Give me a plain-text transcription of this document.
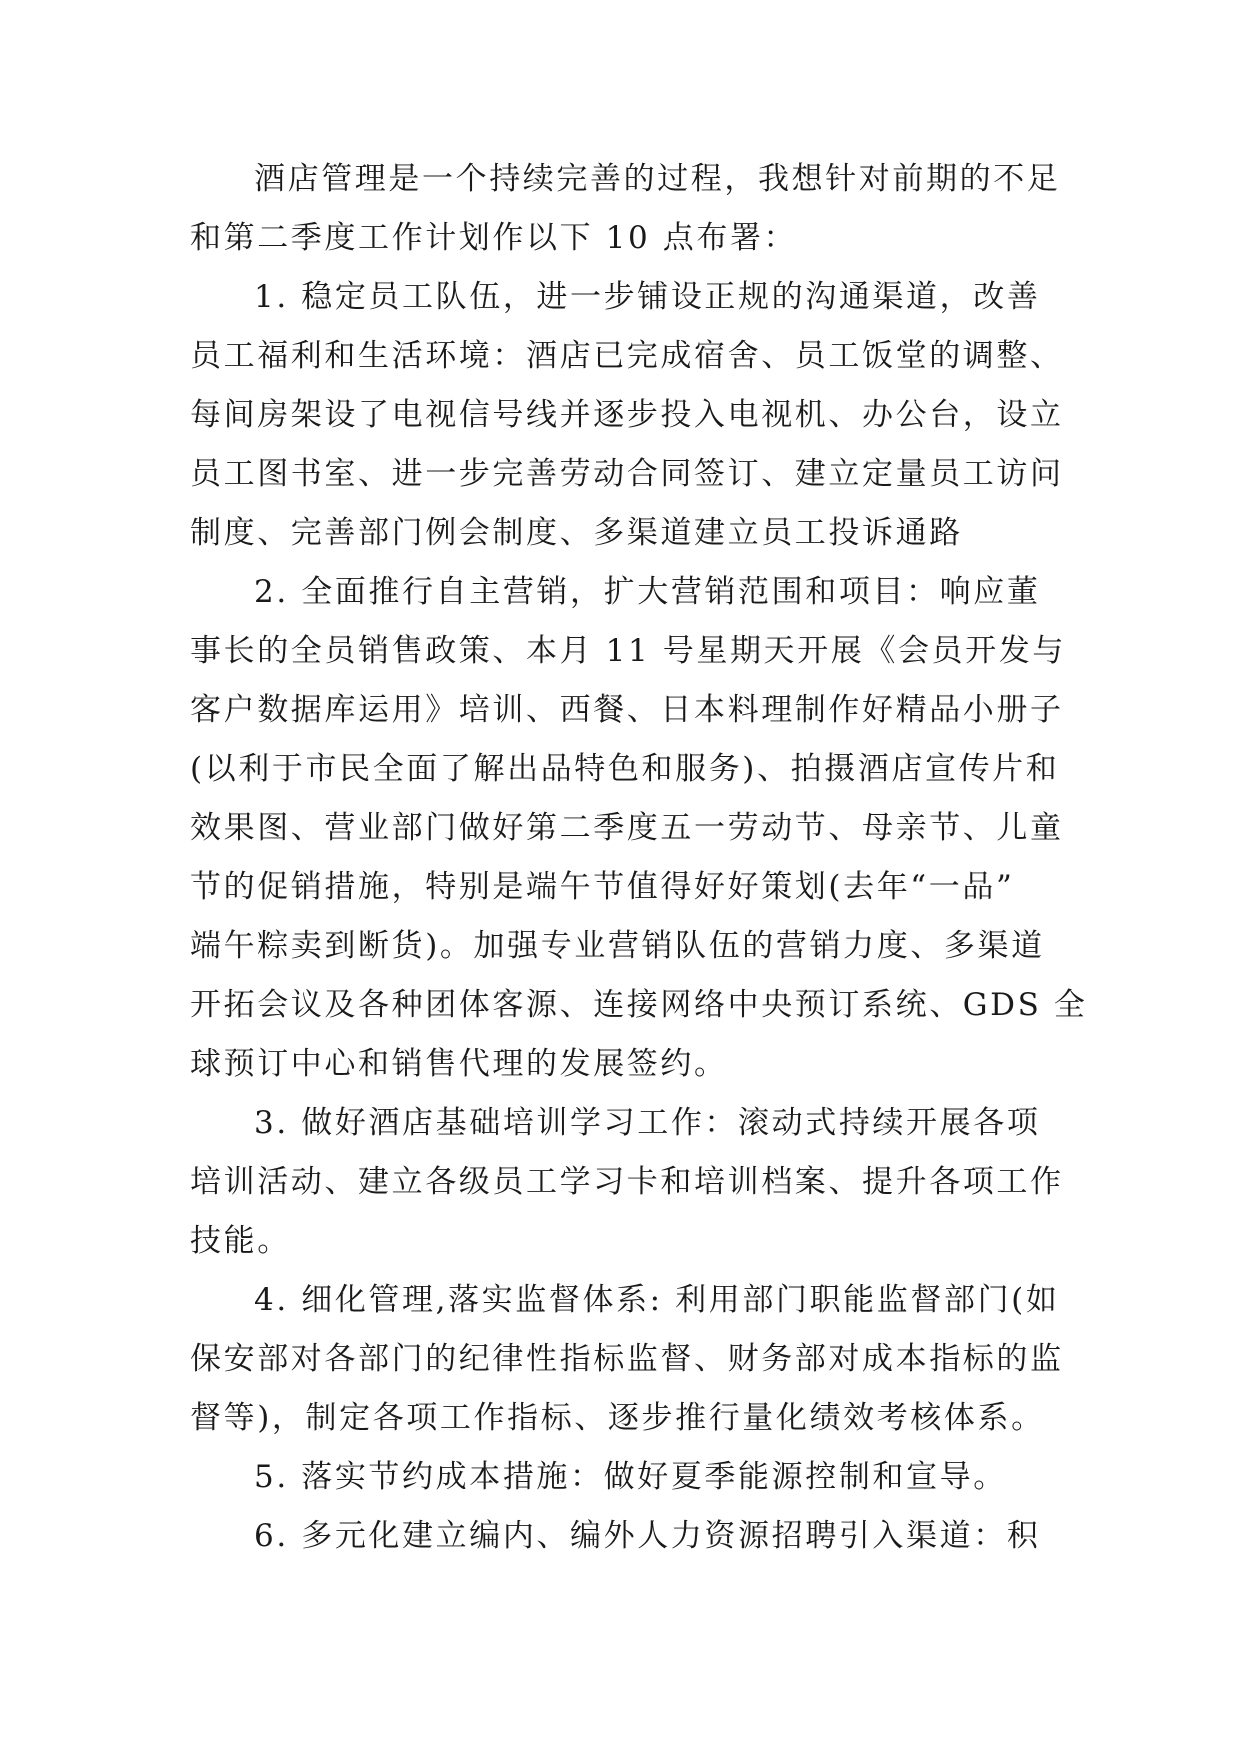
酒店管理是一个持续完善的过程，我想针对前期的不足
和第二季度工作计划作以下 10 点布署：
1. 稳定员工队伍，进一步铺设正规的沟通渠道，改善
员工福利和生活环境：酒店已完成宿舍、员工饭堂的调整、
每间房架设了电视信号线并逐步投入电视机、办公台，设立
员工图书室、进一步完善劳动合同签订、建立定量员工访问
制度、完善部门例会制度、多渠道建立员工投诉通路
2. 全面推行自主营销，扩大营销范围和项目：响应董
事长的全员销售政策、本月 11 号星期天开展《会员开发与
客户数据库运用》培训、西餐、日本料理制作好精品小册子
(以利于市民全面了解出品特色和服务)、拍摄酒店宣传片和
效果图、营业部门做好第二季度五一劳动节、母亲节、儿童
节的促销措施，特别是端午节值得好好策划(去年“一品”
端午粽卖到断货)。加强专业营销队伍的营销力度、多渠道
开拓会议及各种团体客源、连接网络中央预订系统、GDS 全
球预订中心和销售代理的发展签约。
3. 做好酒店基础培训学习工作：滚动式持续开展各项
培训活动、建立各级员工学习卡和培训档案、提升各项工作
技能。
4. 细化管理,落实监督体系: 利用部门职能监督部门(如
保安部对各部门的纪律性指标监督、财务部对成本指标的监
督等)，制定各项工作指标、逐步推行量化绩效考核体系。
5. 落实节约成本措施：做好夏季能源控制和宣导。
6. 多元化建立编内、编外人力资源招聘引入渠道：积
